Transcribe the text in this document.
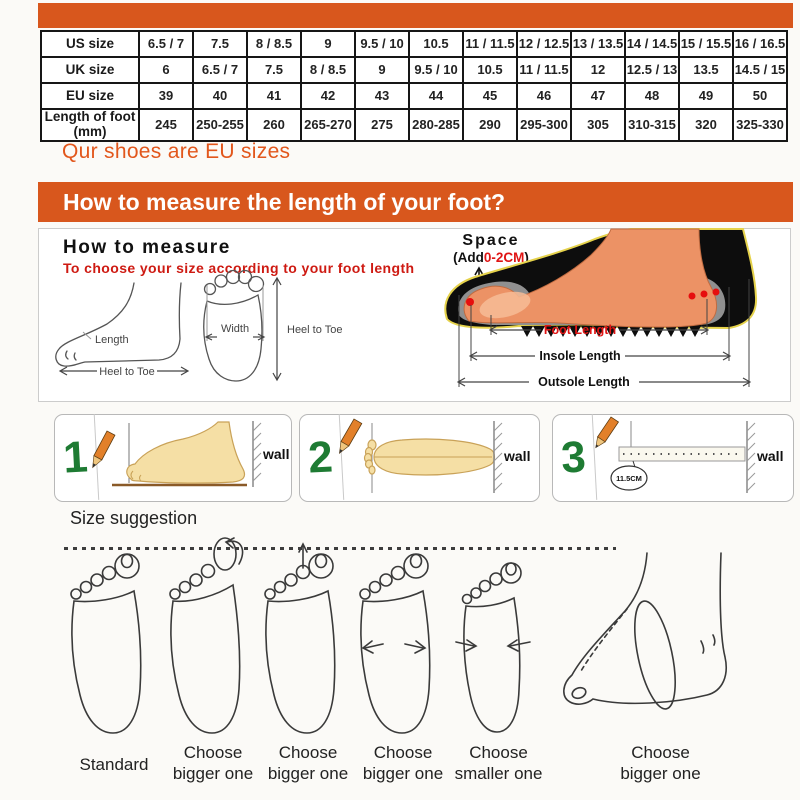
US size	6.5 / 7	7.5	8 / 8.5	9	9.5 / 10	10.5	11 / 11.5	12 / 12.5	13 / 13.5	14 / 14.5	15 / 15.5	16 / 16.5
UK size	6	6.5 / 7	7.5	8 / 8.5	9	9.5 / 10	10.5	11 / 11.5	12	12.5 / 13	13.5	14.5 / 15
EU size	39	40	41	42	43	44	45	46	47	48	49	50
Length of foot (mm)	245	250-255	260	265-270	275	280-285	290	295-300	305	310-315	320	325-330
Qur shoes are EU sizes
How to measure the length of your foot?
How to measure
To choose your size according to your foot length
Length
Heel to Toe
Width	Heel to Toe
Space
(Add0-2CM)
Foot Length
Insole Length
Outsole Length
1	wall 2	wall 3	11.5CM
wall
Size suggestion
Standard
Choose bigger one
Choose bigger one
Choose bigger one
Choose smaller one
Choose bigger one
